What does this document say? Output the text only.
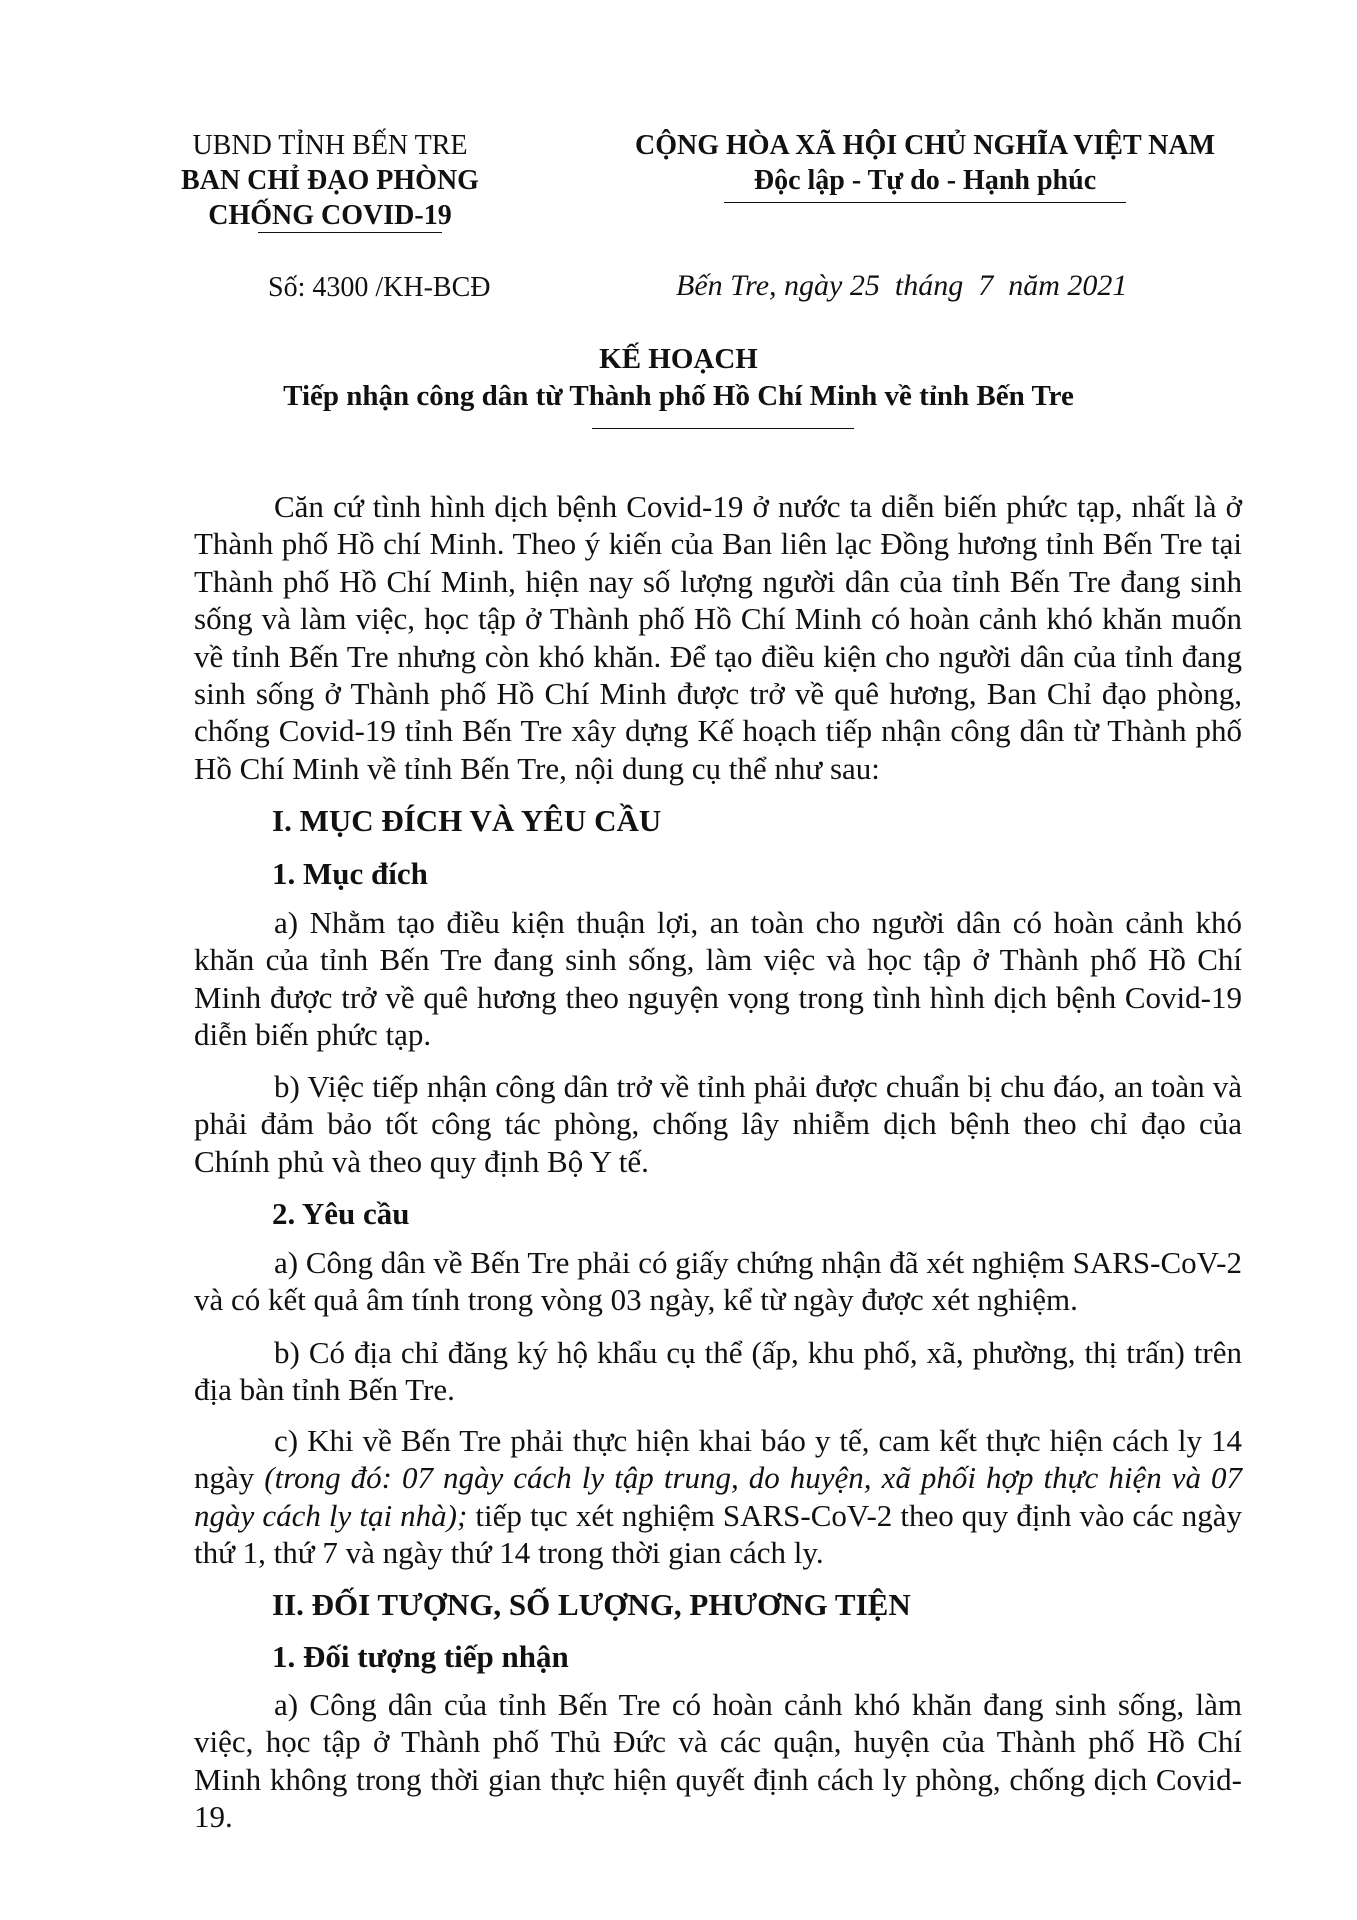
UBND TỈNH BẾN TRE
BAN CHỈ ĐẠO PHÒNG
CHỐNG COVID-19
CỘNG HÒA XÃ HỘI CHỦ NGHĨA VIỆT NAM
Độc lập - Tự do - Hạnh phúc
Số: 4300 /KH-BCĐ	Bến Tre, ngày 25  tháng  7  năm 2021
KẾ HOẠCH
Tiếp nhận công dân từ Thành phố Hồ Chí Minh về tỉnh Bến Tre

Căn cứ tình hình dịch bệnh Covid-19 ở nước ta diễn biến phức tạp, nhất là ở Thành phố Hồ chí Minh. Theo ý kiến của Ban liên lạc Đồng hương tỉnh Bến Tre tại Thành phố Hồ Chí Minh, hiện nay số lượng người dân của tỉnh Bến Tre đang sinh sống và làm việc, học tập ở Thành phố Hồ Chí Minh có hoàn cảnh khó khăn muốn về tỉnh Bến Tre nhưng còn khó khăn. Để tạo điều kiện cho người dân của tỉnh đang sinh sống ở Thành phố Hồ Chí Minh được trở về quê hương, Ban Chỉ đạo phòng, chống Covid-19 tỉnh Bến Tre xây dựng Kế hoạch tiếp nhận công dân từ Thành phố Hồ Chí Minh về tỉnh Bến Tre, nội dung cụ thể như sau:

I. MỤC ĐÍCH VÀ YÊU CẦU
1. Mục đích

a) Nhằm tạo điều kiện thuận lợi, an toàn cho người dân có hoàn cảnh khó khăn của tỉnh Bến Tre đang sinh sống, làm việc và học tập ở Thành phố Hồ Chí Minh được trở về quê hương theo nguyện vọng trong tình hình dịch bệnh Covid-19 diễn biến phức tạp.

b) Việc tiếp nhận công dân trở về tỉnh phải được chuẩn bị chu đáo, an toàn và phải đảm bảo tốt công tác phòng, chống lây nhiễm dịch bệnh theo chỉ đạo của Chính phủ và theo quy định Bộ Y tế.

2. Yêu cầu

a) Công dân về Bến Tre phải có giấy chứng nhận đã xét nghiệm SARS-CoV-2 và có kết quả âm tính trong vòng 03 ngày, kể từ ngày được xét nghiệm.

b) Có địa chỉ đăng ký hộ khẩu cụ thể (ấp, khu phố, xã, phường, thị trấn) trên địa bàn tỉnh Bến Tre.

c) Khi về Bến Tre phải thực hiện khai báo y tế, cam kết thực hiện cách ly 14 ngày (trong đó: 07 ngày cách ly tập trung, do huyện, xã phối hợp thực hiện và 07 ngày cách ly tại nhà); tiếp tục xét nghiệm SARS-CoV-2 theo quy định vào các ngày thứ 1, thứ 7 và ngày thứ 14 trong thời gian cách ly.

II. ĐỐI TƯỢNG, SỐ LƯỢNG, PHƯƠNG TIỆN
1. Đối tượng tiếp nhận

a) Công dân của tỉnh Bến Tre có hoàn cảnh khó khăn đang sinh sống, làm việc, học tập ở Thành phố Thủ Đức và các quận, huyện của Thành phố Hồ Chí Minh không trong thời gian thực hiện quyết định cách ly phòng, chống dịch Covid-19.
